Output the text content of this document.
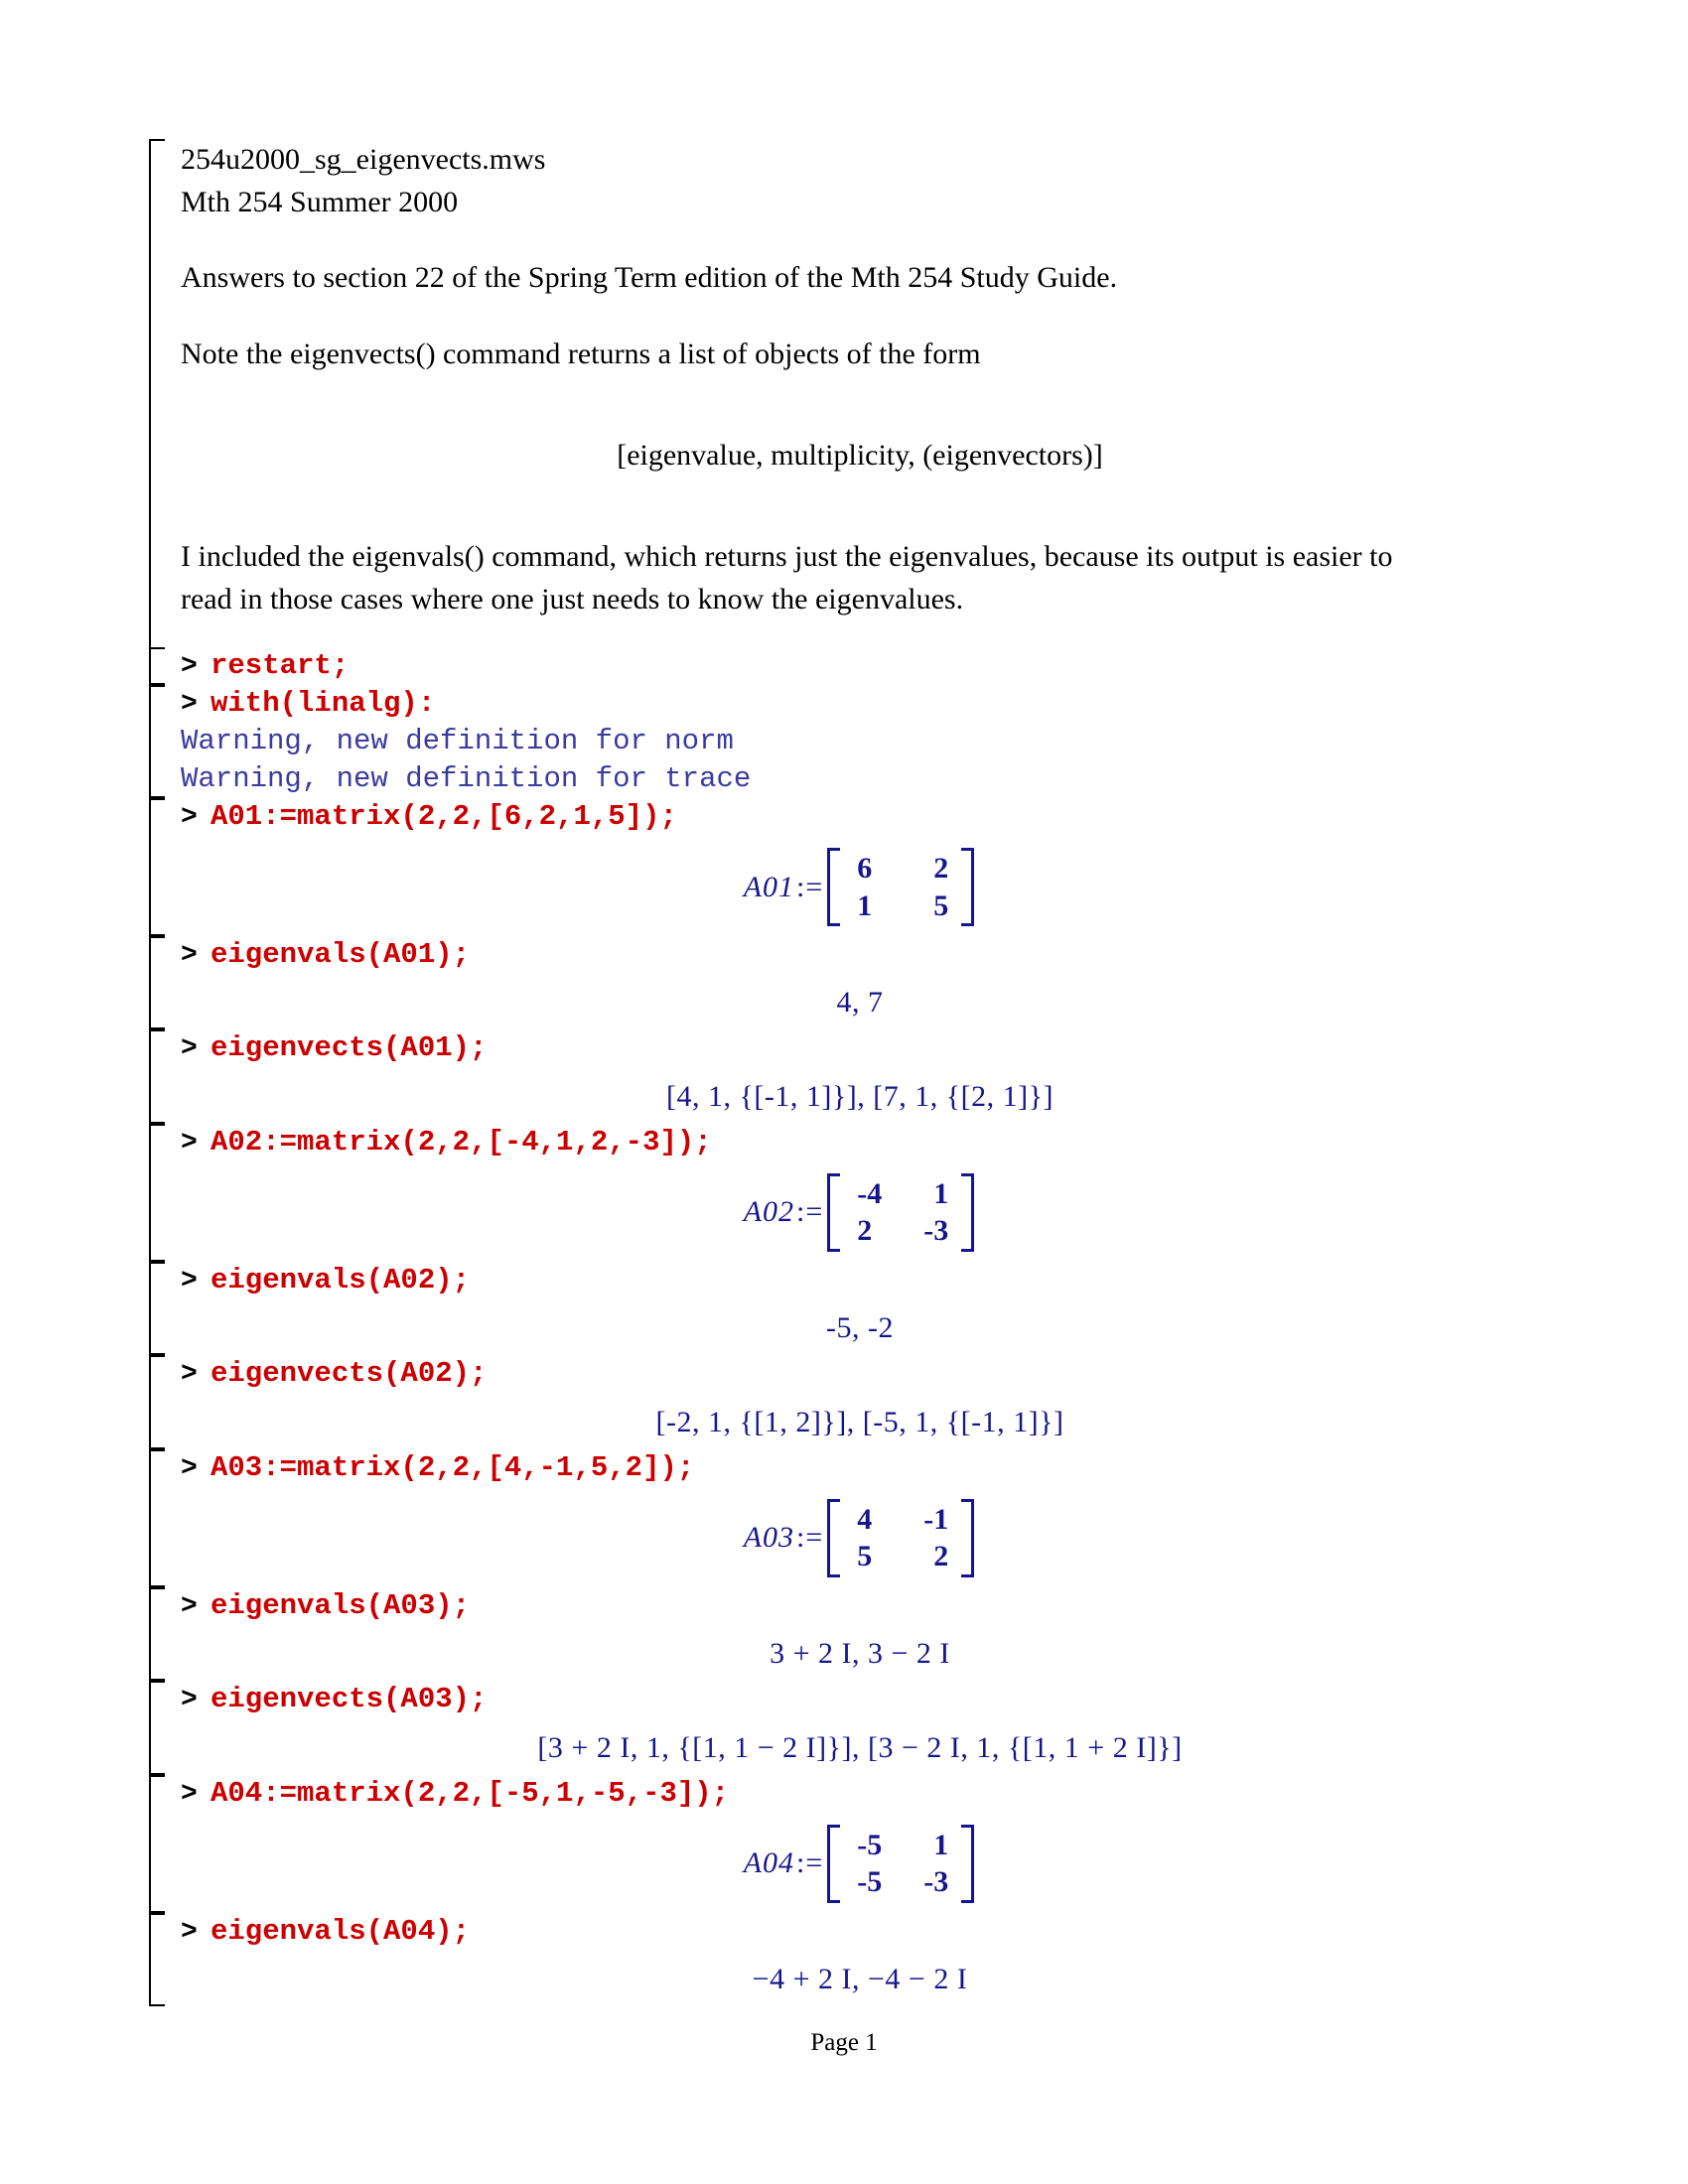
254u2000_sg_eigenvects.mws

Mth 254 Summer 2000

Answers to section 22 of the Spring Term edition of the Mth 254 Study Guide.

Note the eigenvects() command returns a list of objects of the form

[eigenvalue, multiplicity, (eigenvectors)]

I included the eigenvals() command, which returns just the eigenvalues, because its output is easier to

read in those cases where one just needs to know the eigenvalues.

> restart;
> with(linalg):
Warning, new definition for norm
Warning, new definition for trace
> A01:=matrix(2,2,[6,2,1,5]);
A01 :=
6	2
1	5
> eigenvals(A01);
4, 7
> eigenvects(A01);
[4, 1, {[-1, 1]}], [7, 1, {[2, 1]}]
> A02:=matrix(2,2,[-4,1,2,-3]);
A02 :=
-4	1
2	-3
> eigenvals(A02);
-5, -2
> eigenvects(A02);
[-2, 1, {[1, 2]}], [-5, 1, {[-1, 1]}]
> A03:=matrix(2,2,[4,-1,5,2]);
A03 :=
4	-1
5	2
> eigenvals(A03);
3 + 2 I, 3 − 2 I
> eigenvects(A03);
[3 + 2 I, 1, {[1, 1 − 2 I]}], [3 − 2 I, 1, {[1, 1 + 2 I]}]
> A04:=matrix(2,2,[-5,1,-5,-3]);
A04 :=
-5	1
-5	-3
> eigenvals(A04);
−4 + 2 I, −4 − 2 I
Page 1
